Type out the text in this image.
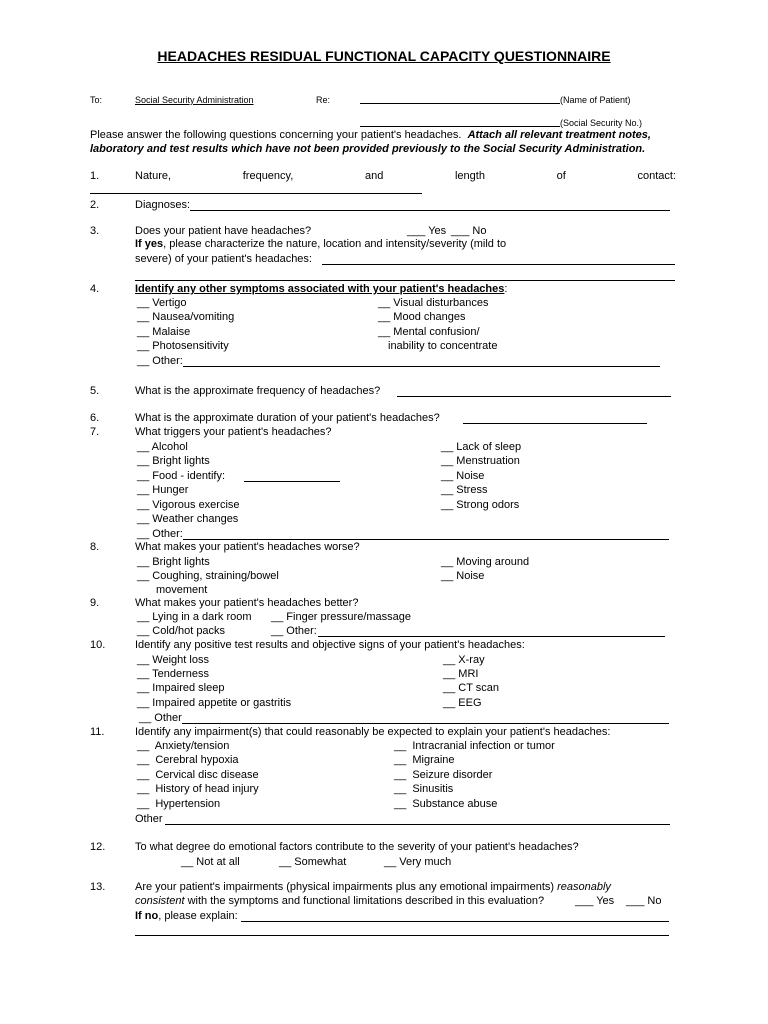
HEADACHES RESIDUAL FUNCTIONAL CAPACITY QUESTIONNAIRE
To:	Social Security Administration	Re:	(Name of Patient)
(Social Security No.)
Please answer the following questions concerning your patient's headaches. Attach all relevant treatment notes,
laboratory and test results which have not been provided previously to the Social Security Administration.
1.	Nature,	frequency,	and	length	of	contact:
2.	Diagnoses:
3.	Does your patient have headaches?	___ Yes ___ No
If yes, please characterize the nature, location and intensity/severity (mild to
severe) of your patient's headaches:
4.	Identify any other symptoms associated with your patient's headaches:
__ Vertigo
__ Nausea/vomiting
__ Malaise
__ Photosensitivity
__ Visual disturbances
__ Mood changes
__ Mental confusion/
inability to concentrate
__ Other:
5.	What is the approximate frequency of headaches?
6.	What is the approximate duration of your patient's headaches?
7.	What triggers your patient's headaches?
__ Alcohol
__ Bright lights
__ Food - identify:
__ Hunger
__ Vigorous exercise
__ Weather changes
__ Lack of sleep
__ Menstruation
__ Noise
__ Stress
__ Strong odors
__ Other:
8.	What makes your patient's headaches worse?
__ Bright lights
__ Coughing, straining/bowel
movement
__ Moving around
__ Noise
9.	What makes your patient's headaches better?
__ Lying in a dark room __ Finger pressure/massage
__ Cold/hot packs	__ Other:
10.	Identify any positive test results and objective signs of your patient's headaches:
__ Weight loss
__ Tenderness
__ Impaired sleep
__ Impaired appetite or gastritis
__ X-ray
__ MRI
__ CT scan
__ EEG
__ Other
11.	Identify any impairment(s) that could reasonably be expected to explain your patient's headaches:
__  Anxiety/tension
__  Cerebral hypoxia
__  Cervical disc disease
__  History of head injury
__  Hypertension
__  Intracranial infection or tumor
__  Migraine
__  Seizure disorder
__  Sinusitis
__  Substance abuse
Other
12.	To what degree do emotional factors contribute to the severity of your patient's headaches?
__ Not at all	__ Somewhat	__ Very much
13.	Are your patient's impairments (physical impairments plus any emotional impairments) reasonably
consistent with the symptoms and functional limitations described in this evaluation?	___ Yes ___ No
If no, please explain:
